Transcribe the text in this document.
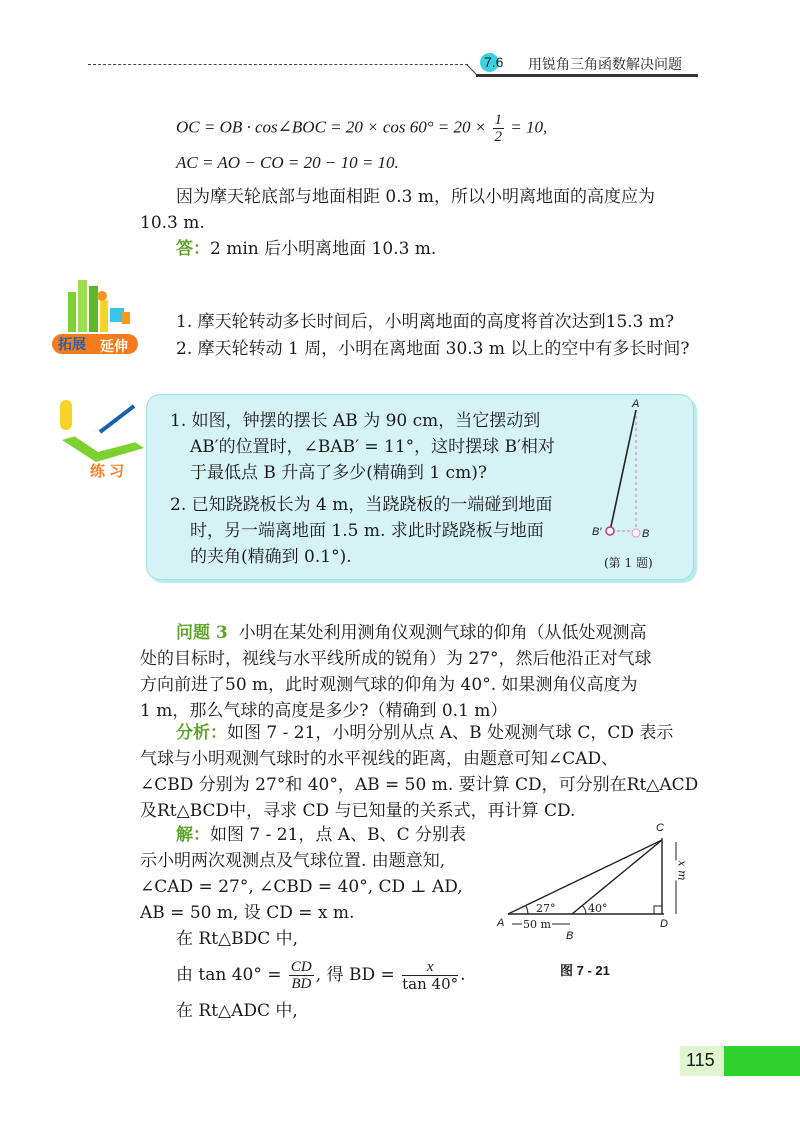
7.6 用锐角三角函数解决问题
OC = OB · cos∠BOC = $20 \times \cos 60^\circ = 20 \times \frac{1}{2} = 10$,
AC = AO − CO = 20 − 10 = 10.
因为摩天轮底部与地面相距 0.3 m，所以小明离地面的高度应为
10.3 m.
答：2 min 后小明离地面 10.3 m.
拓展 延伸
1. 摩天轮转动多长时间后，小明离地面的高度将首次达到15.3 m?
2. 摩天轮转动 1 周，小明在离地面 30.3 m 以上的空中有多长时间?
练 习
1. 如图，钟摆的摆长 AB 为 90 cm，当它摆动到
AB′的位置时，∠BAB′ = 11°，这时摆球 B′相对
于最低点 B 升高了多少(精确到 1 cm)?
2. 已知跷跷板长为 4 m，当跷跷板的一端碰到地面
时，另一端离地面 1.5 m. 求此时跷跷板与地面
的夹角(精确到 0.1°).
A
B′	B
(第 1 题)
问题 3 小明在某处利用测角仪观测气球的仰角（从低处观测高
处的目标时，视线与水平线所成的锐角）为 27°，然后他沿正对气球
方向前进了50 m，此时观测气球的仰角为 40°. 如果测角仪高度为
1 m，那么气球的高度是多少?（精确到 0.1 m）
分析：如图 7 - 21，小明分别从点 A、B 处观测气球 C，CD 表示
气球与小明观测气球时的水平视线的距离，由题意可知∠CAD、
∠CBD 分别为 27°和 40°，AB = 50 m. 要计算 CD，可分别在Rt△ACD
及Rt△BCD中，寻求 CD 与已知量的关系式，再计算 CD.
解：如图 7 - 21，点 A、B、C 分别表
示小明两次观测点及气球位置. 由题意知,
∠CAD = 27°, ∠CBD = 40°, CD ⊥ AD,
AB = 50 m, 设 CD = x m.
在 Rt△BDC 中,
由 $\tan 40^\circ = \frac{CD}{BD}$ , 得 BD = $\frac{x}{\tan 40^\circ}$ .
在 Rt△ADC 中,
C
A
B
D
27°	40°
50 m
x m
图 7 - 21
115
